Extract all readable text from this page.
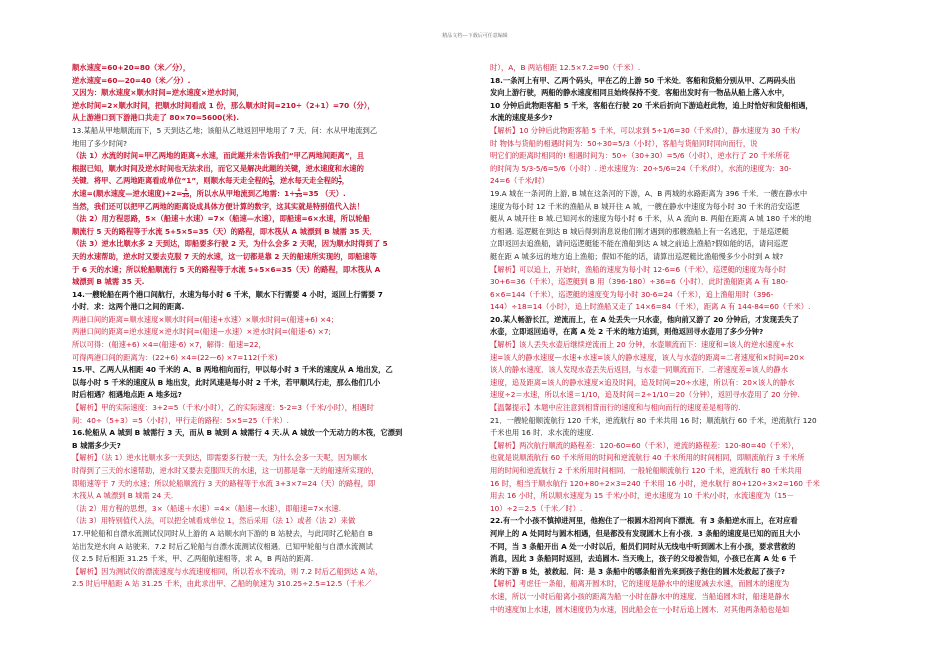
精品文档---下载后可任意编辑
顺水速度=60+20=80（米／分），
逆水速度=60—20=40（米／分）.
又因为：顺水速度×顺水时间=逆水速度×逆水时间，
逆水时间=2×顺水时间，把顺水时间看成 1 份，那么顺水时间=210÷（2+1）=70（分），
从上游港口到下游港口共走了 80×70=5600(米).
13.某船从甲地顺流而下，5 天到达乙地；该船从乙地返回甲地用了 7 天．问：水从甲地流到乙
地用了多少时间?
（法 1）水流的时间=甲乙两地的距离÷水速，而此题并未告诉我们“甲乙两地间距离”，且
根据已知，顺水时间及逆水时间也无法求出，而它又是解决此题的关键，逆水速度和水速的
关键．将甲、乙两地距离看成单位“1”，则顺水每天走全程的 $\frac{1}{5}$ ，逆水每天走全程的 $\frac{1}{7}$ ，
水速=(顺水速度—逆水速度)$\div 2= \frac{1}{35}$ ，所以水从甲地流到乙地需：$1\div \frac{1}{35} =35$ （天）.
当然，我们还可以把甲乙两地的距离设成具体方便计算的数字，这其实就是特别值代入法！
（法 2）用方程思路，5×（船速＋水速）=7×（船速—水速），即船速=6×水速，所以轮船
顺流行 5 天的路程等于水流 5+5×5=35（天）的路程，即木筏从 A 城漂到 B 城需 35 天．
（法 3）逆水比顺水多 2 天到达，即船要多行驶 2 天，为什么会多 2 天呢，因为顺水时得到了 5
天的水速帮助，逆水时又要去克服 7 天的水速，这一切都是靠 2 天的船速所实现的，即船速等
于 6 天的水速；所以轮船顺流行 5 天的路程等于水流 5+5×6=35（天）的路程，即木筏从 A
城漂到 B 城需 35 天.
14.一艘轮船在两个港口间航行，水速为每小时 6 千米，顺水下行需要 4 小时，返回上行需要 7
小时．求：这两个港口之间的距离.
两港口间的距离=顺水速度×顺水时间=(船速+水速）×顺水时间=(船速+6) ×4；
两港口间的距离=逆水速度×逆水时间=(船速—水速）×逆水时间=(船速-6) ×7;
所以可得：(船速+6) ×4=(船速-6) ×7，解得：船速=22，
可得两港口间的距离为：(22+6) ×4=(22—6) ×7=112(千米)
15.甲、乙两人从相距 40 千米的 A、B 两地相向而行，甲以每小时 3 千米的速度从 A 地出发，乙
以每小时 5 千米的速度从 B 地出发，此时风速是每小时 2 千米，若甲顺风行走，那么他们几小
时后相遇？相遇地点距 A 地多远?
【解析】甲的实际速度：3+2=5（千米/小时），乙的实际速度：5-2=3（千米/小时），相遇时
间：40÷（5+3）=5（小时），甲行走的路程：5×5=25（千米）.
16.轮船从 A 城到 B 城需行 3 天，而从 B 城到 A 城需行 4 天.从 A 城放一个无动力的木筏，它漂到
B 城需多少天?
【解析】（法 1）逆水比顺水多一天到达，即需要多行驶一天，为什么会多一天呢，因为顺水
时得到了三天的水速帮助，逆水时又要去克服四天的水速，这一切都是靠一天的船速所实现的，
即船速等于 7 天的水速；所以轮船顺流行 3 天的路程等于水流 3+3×7=24（天）的路程，即
木筏从 A 城漂到 B 城需 24 天.
（法 2）用方程的思想，3×（船速＋水速）=4×（船速—水速），即船速=7×水速.
（法 3）用特别值代入法，可以把全城看成单位 1，然后采用（法 1）或者（法 2）来做
17.甲轮船和自漂水流测试仪同时从上游的 A 站顺水向下游的 B 站驶去，与此同时乙轮船自 B
站出发逆水向 A 站驶来．7.2 时后乙轮船与自漂水流测试仪相遇．已知甲轮船与自漂水流测试
仪 2.5 时后相距 31.25 千米，甲、乙两船航速相等，求 A，B 两站的距离.
【解析】因为测试仪的漂流速度与水流速度相同，所以若水不流动，则 7.2 时后乙船到达 A 站，
2.5 时后甲船距 A 站 31.25 千米，由此求出甲、乙船的航速为 310.25÷2.5=12.5（千米／
时），A，B 两站相距 12.5×7.2=90（千米）.
18.一条河上有甲、乙两个码头，甲在乙的上游 50 千米处．客船和货船分别从甲、乙两码头出
发向上游行驶，两船的静水速度相同且始终保持不变．客船出发时有一物品从船上落入水中，
10 分钟后此物距客船 5 千米，客船在行驶 20 千米后折向下游追赶此物，追上时恰好和货船相遇，
水流的速度是多少?
【解析】10 分钟后此物距客船 5 千米，可以求到 5÷1/6=30（千米/时），静水速度为 30 千米/
时 物体与货船的相遇时间为：50÷30=5/3（小时），客船与货船同时同向而行，说
明它们的距离时相同的! 相遇时间为：50÷（30+30）=5/6（小时），逆水行了 20 千米所花
的时间为 5/3-5/6=5/6（小时）. 逆水速度为：20÷5/6=24（千米/时），水流的速度为：30-
24=6（千米/时）
19.A 城在一条河的上游, B 城在这条河的下游，A、B 两城的水路距离为 396 千米．一艘在静水中
速度为每小时 12 千米的渔船从 B 城开往 A 城，一艘在静水中速度为每小时 30 千米的沿安巡逻
艇从 A 城开往 B 城.已知河水的速度为每小时 6 千米，从 A 流向 B. 两船在距离 A 城 180 千米的地
方相遇. 巡逻艇在到达 B 城后得到消息说他们刚才遇到的那艘渔船上有一名逃犯，于是巡逻艇
立即返回去追渔船，请问巡逻艇能不能在渔船到达 A 城之前追上渔船?假如能的话，请问巡逻
艇在距 A 城多远的地方追上渔船；假如不能的话，请算出巡逻艇比渔船慢多少小时到 A 城?
【解析】可以追上，开始时，渔船的速度为每小时 12-6=6（千米），巡逻艇的速度为每小时
30+6=36（千米），巡逻艇到 B 用（396-180）÷36=6（小时）．此时渔船距离 A 有 180-
6×6=144（千米），巡逻艇的速度变为每小时 30-6=24（千米），追上渔船用时（396-
144）÷18=14（小时），追上时渔船又走了 14×6=84（千米），距离 A 有 144-84=60（千米）.
20.某人畅游长江，逆流而上，在 A 处丢失一只水壶，他向前又游了 20 分钟后，才发现丢失了
水壶，立即返回追寻，在离 A 处 2 千米的地方追到，则他返回寻水壶用了多少分钟?
【解析】该人丢失水壶后继续逆流而上 20 分钟，水壶顺流而下：速度和=该人的逆水速度+水
速=该人的静水速度—水速+水速=该人的静水速度，该人与水壶的距离=二者速度和×时间=20×
该人的静水速度．该人发现水壶丢失后返回，与水壶一同顺流而下．二者速度差=该人的静水
速度，追及距离=该人的静水速度×追及时间，追及时间=20÷水速，所以有：20×该人的静水
速度÷2＝水速，所以水速＝1/10，追及时间＝2÷1/10＝20（分钟），返回寻水壶用了 20 分钟.
【温馨提示】本题中应注意到相背而行的速度和与相向而行的速度差是相等的.
21．一艘轮船顺流航行 120 千米，逆流航行 80 千米共用 16 时；顺流航行 60 千米，逆流航行 120
千米也用 16 时．求水流的速度.
【解析】两次航行顺流的路程差：120-60=60（千米），逆流的路程差：120-80=40（千米），
也就是说顺流航行 60 千米所用的时间和逆流航行 40 千米所用的时间相同，即顺流航行 3 千米所
用的时间和逆流航行 2 千米所用时间相同．一般轮船顺流航行 120 千米，逆流航行 80 千米共用
16 时，相当于顺水航行 120+80÷2×3=240 千米用 16 小时，逆水航行 80+120÷3×2=160 千米
用去 16 小时，所以顺水速度为 15 千米/小时，逆水速度为 10 千米/小时，水流速度为（15－
10）÷2＝2.5（千米／时）.
22.有一个小孩不慎掉进河里，他抱住了一根圆木沿河向下漂流．有 3 条船逆水而上，在对应看
河岸上的 A 处同时与圆木相遇，但是都没有发现圆木上有小孩．3 条船的速度是已知的而且大小
不同，当 3 条船开出 A 处一小时以后，船员们同时从无线电中听到圆木上有小孩，要求营救的
消息，因此 3 条船同时返回，去追圆木. 当天晚上，孩子的父母被告知，小孩已在离 A 处 6 千
米的下游 B 处，被救起．问：是 3 条船中的哪条船首先来到孩子抱住的圆木处救起了孩子?
【解析】考虑任一条船，船离开圆木时，它的速度是静水中的速度减去水速，而圆木的速度为
水速，所以一小时后船离小孩的距离为船一小时在静水中的速度．当船追圆木时，船速是静水
中的速度加上水速，圆木速度仍为水速，因此船会在一小时后追上圆木．对其他两条船也是如
